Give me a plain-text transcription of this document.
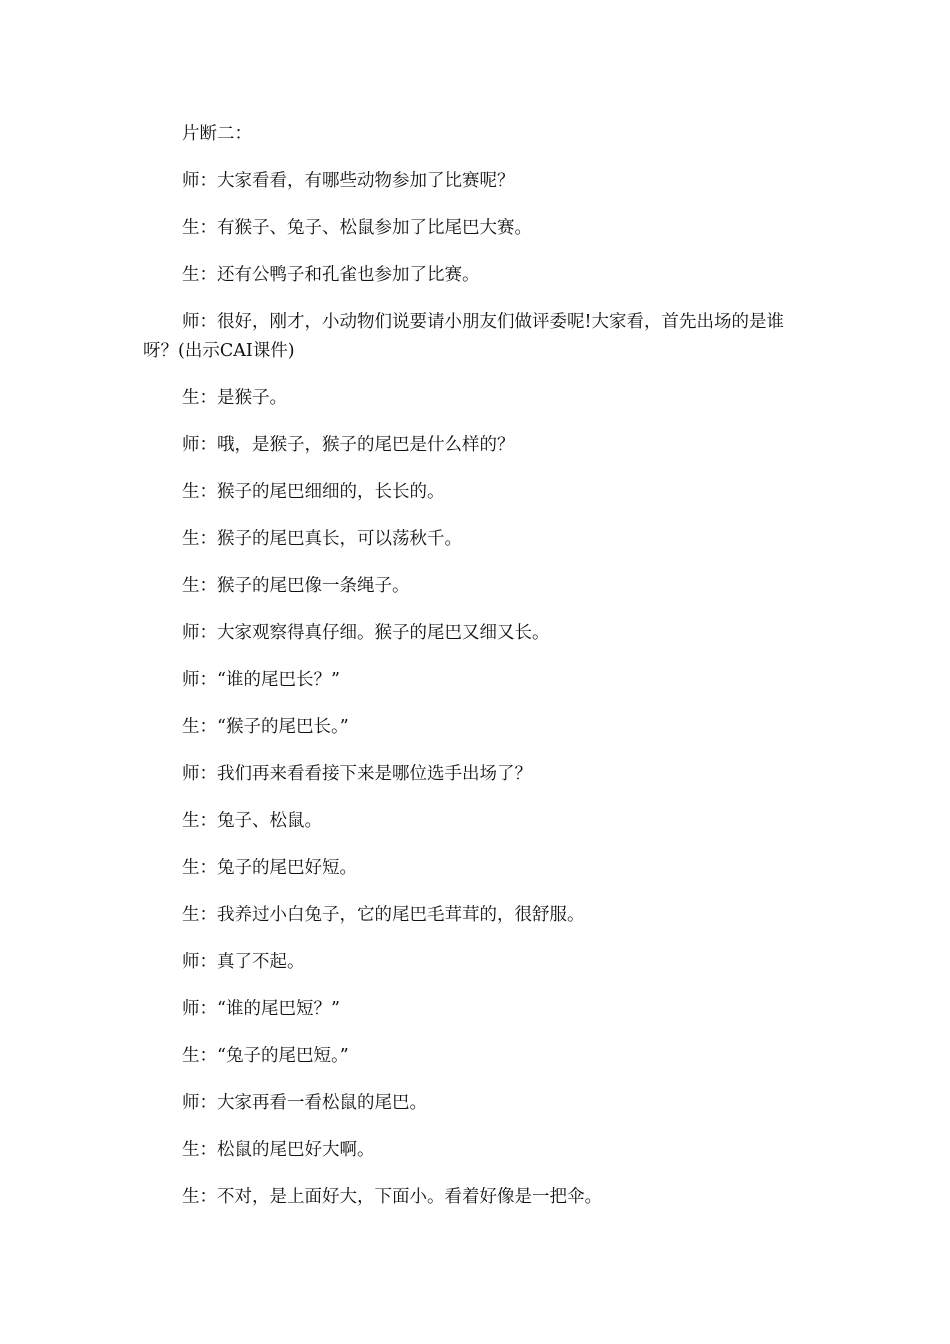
片断二：

师：大家看看，有哪些动物参加了比赛呢？

生：有猴子、兔子、松鼠参加了比尾巴大赛。

生：还有公鸭子和孔雀也参加了比赛。

师：很好，刚才，小动物们说要请小朋友们做评委呢!大家看，首先出场的是谁呀？(出示CAI课件)

生：是猴子。

师：哦，是猴子，猴子的尾巴是什么样的？

生：猴子的尾巴细细的，长长的。

生：猴子的尾巴真长，可以荡秋千。

生：猴子的尾巴像一条绳子。

师：大家观察得真仔细。猴子的尾巴又细又长。

师：“谁的尾巴长？”

生：“猴子的尾巴长。”

师：我们再来看看接下来是哪位选手出场了？

生：兔子、松鼠。

生：兔子的尾巴好短。

生：我养过小白兔子，它的尾巴毛茸茸的，很舒服。

师：真了不起。

师：“谁的尾巴短？”

生：“兔子的尾巴短。”

师：大家再看一看松鼠的尾巴。

生：松鼠的尾巴好大啊。

生：不对，是上面好大，下面小。看着好像是一把伞。
